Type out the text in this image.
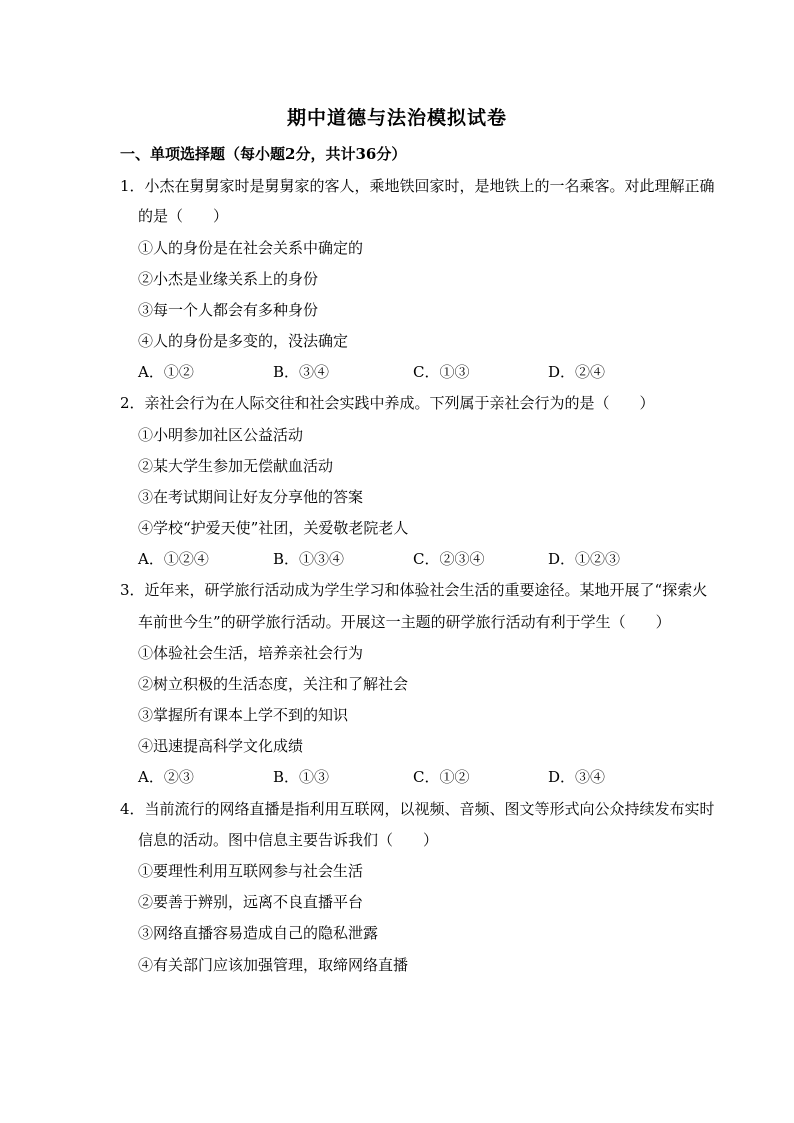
期中道德与法治模拟试卷
一、单项选择题（每小题2分，共计36分）
1．小杰在舅舅家时是舅舅家的客人，乘地铁回家时，是地铁上的一名乘客。对此理解正确
的是（　　）
①人的身份是在社会关系中确定的
②小杰是业缘关系上的身份
③每一个人都会有多种身份
④人的身份是多变的，没法确定
A．①②	B．③④	C．①③	D．②④
2．亲社会行为在人际交往和社会实践中养成。下列属于亲社会行为的是（　　）
①小明参加社区公益活动
②某大学生参加无偿献血活动
③在考试期间让好友分享他的答案
④学校“护爱天使”社团，关爱敬老院老人
A．①②④	B．①③④	C．②③④	D．①②③
3．近年来，研学旅行活动成为学生学习和体验社会生活的重要途径。某地开展了“探索火
车前世今生”的研学旅行活动。开展这一主题的研学旅行活动有利于学生（　　）
①体验社会生活，培养亲社会行为
②树立积极的生活态度，关注和了解社会
③掌握所有课本上学不到的知识
④迅速提高科学文化成绩
A．②③	B．①③	C．①②	D．③④
4．当前流行的网络直播是指利用互联网，以视频、音频、图文等形式向公众持续发布实时
信息的活动。图中信息主要告诉我们（　　）
①要理性利用互联网参与社会生活
②要善于辨别，远离不良直播平台
③网络直播容易造成自己的隐私泄露
④有关部门应该加强管理，取缔网络直播
